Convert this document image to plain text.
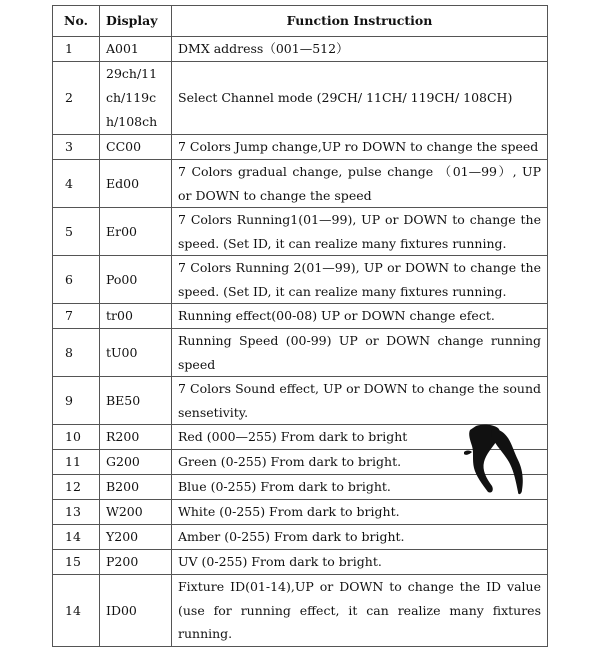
No.	Display	Function Instruction
1	A001	DMX address（001—512）
2	29ch/11
ch/119c
h/108ch	Select Channel mode (29CH/ 11CH/ 119CH/ 108CH)
3	CC00	7 Colors Jump change,UP ro DOWN to change the speed
4	Ed00	7 Colors gradual change, pulse change （01—99）, UP or DOWN to change the speed
5	Er00	7 Colors Running1(01—99), UP or DOWN to change the speed. (Set ID, it can realize many fixtures running.
6	Po00	7 Colors Running 2(01—99), UP or DOWN to change the speed. (Set ID, it can realize many fixtures running.
7	tr00	Running effect(00-08) UP or DOWN change efect.
8	tU00	Running Speed (00-99) UP or DOWN change running speed
9	BE50	7 Colors Sound effect, UP or DOWN to change the sound sensetivity.
10	R200	Red (000—255) From dark to bright
11	G200	Green (0-255) From dark to bright.
12	B200	Blue (0-255) From dark to bright.
13	W200	White (0-255) From dark to bright.
14	Y200	Amber (0-255) From dark to bright.
15	P200	UV (0-255) From dark to bright.
14	ID00	Fixture ID(01-14),UP or DOWN to change the ID value (use for running effect, it can realize many fixtures running.
